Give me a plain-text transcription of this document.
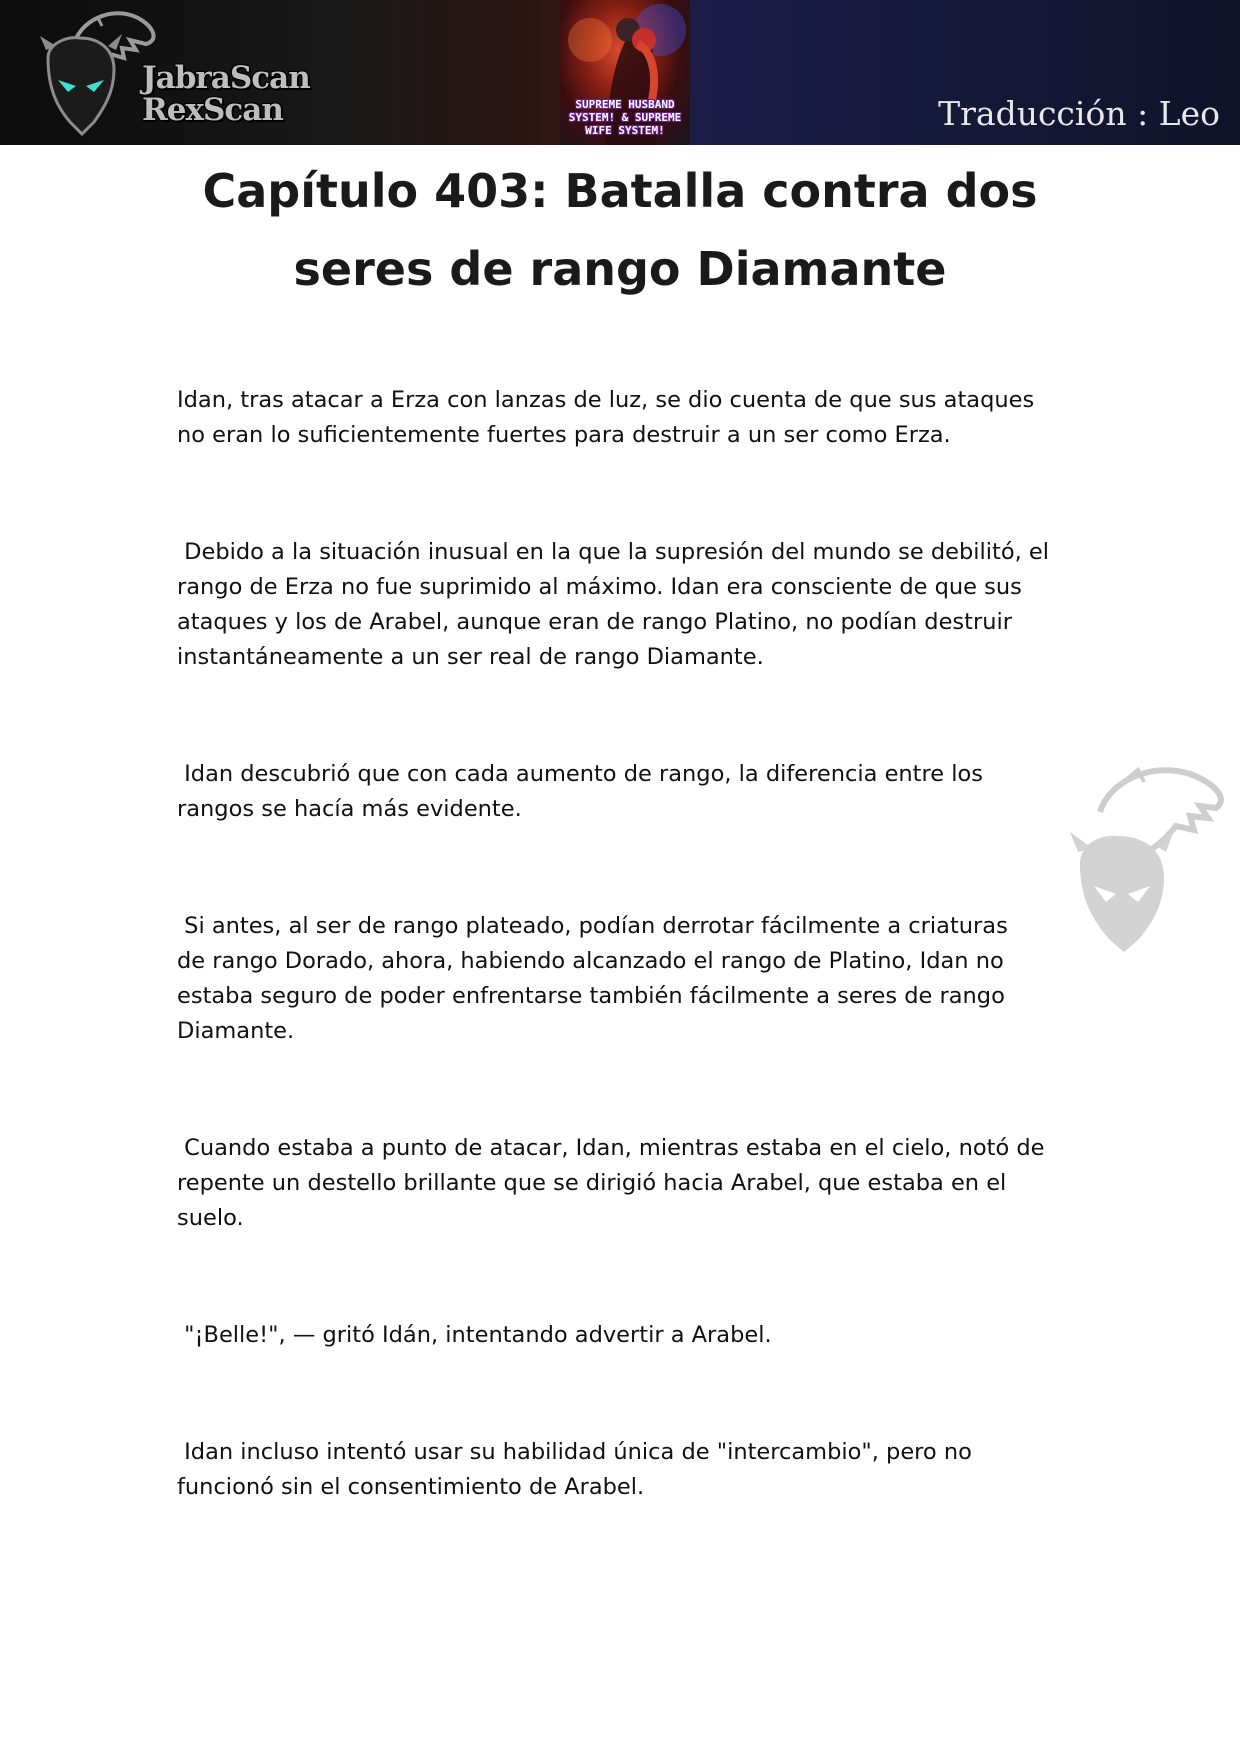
JabraScan
RexScan	SUPREME HUSBAND SYSTEM! & SUPREME WIFE SYSTEM!	Traducción : Leo
Capítulo 403: Batalla contra dos
seres de rango Diamante

Idan, tras atacar a Erza con lanzas de luz, se dio cuenta de que sus ataques
no eran lo suficientemente fuertes para destruir a un ser como Erza.

Debido a la situación inusual en la que la supresión del mundo se debilitó, el
rango de Erza no fue suprimido al máximo. Idan era consciente de que sus
ataques y los de Arabel, aunque eran de rango Platino, no podían destruir
instantáneamente a un ser real de rango Diamante.

Idan descubrió que con cada aumento de rango, la diferencia entre los
rangos se hacía más evidente.

Si antes, al ser de rango plateado, podían derrotar fácilmente a criaturas
de rango Dorado, ahora, habiendo alcanzado el rango de Platino, Idan no
estaba seguro de poder enfrentarse también fácilmente a seres de rango
Diamante.

Cuando estaba a punto de atacar, Idan, mientras estaba en el cielo, notó de
repente un destello brillante que se dirigió hacia Arabel, que estaba en el
suelo.

"¡Belle!", — gritó Idán, intentando advertir a Arabel.

Idan incluso intentó usar su habilidad única de "intercambio", pero no
funcionó sin el consentimiento de Arabel.
